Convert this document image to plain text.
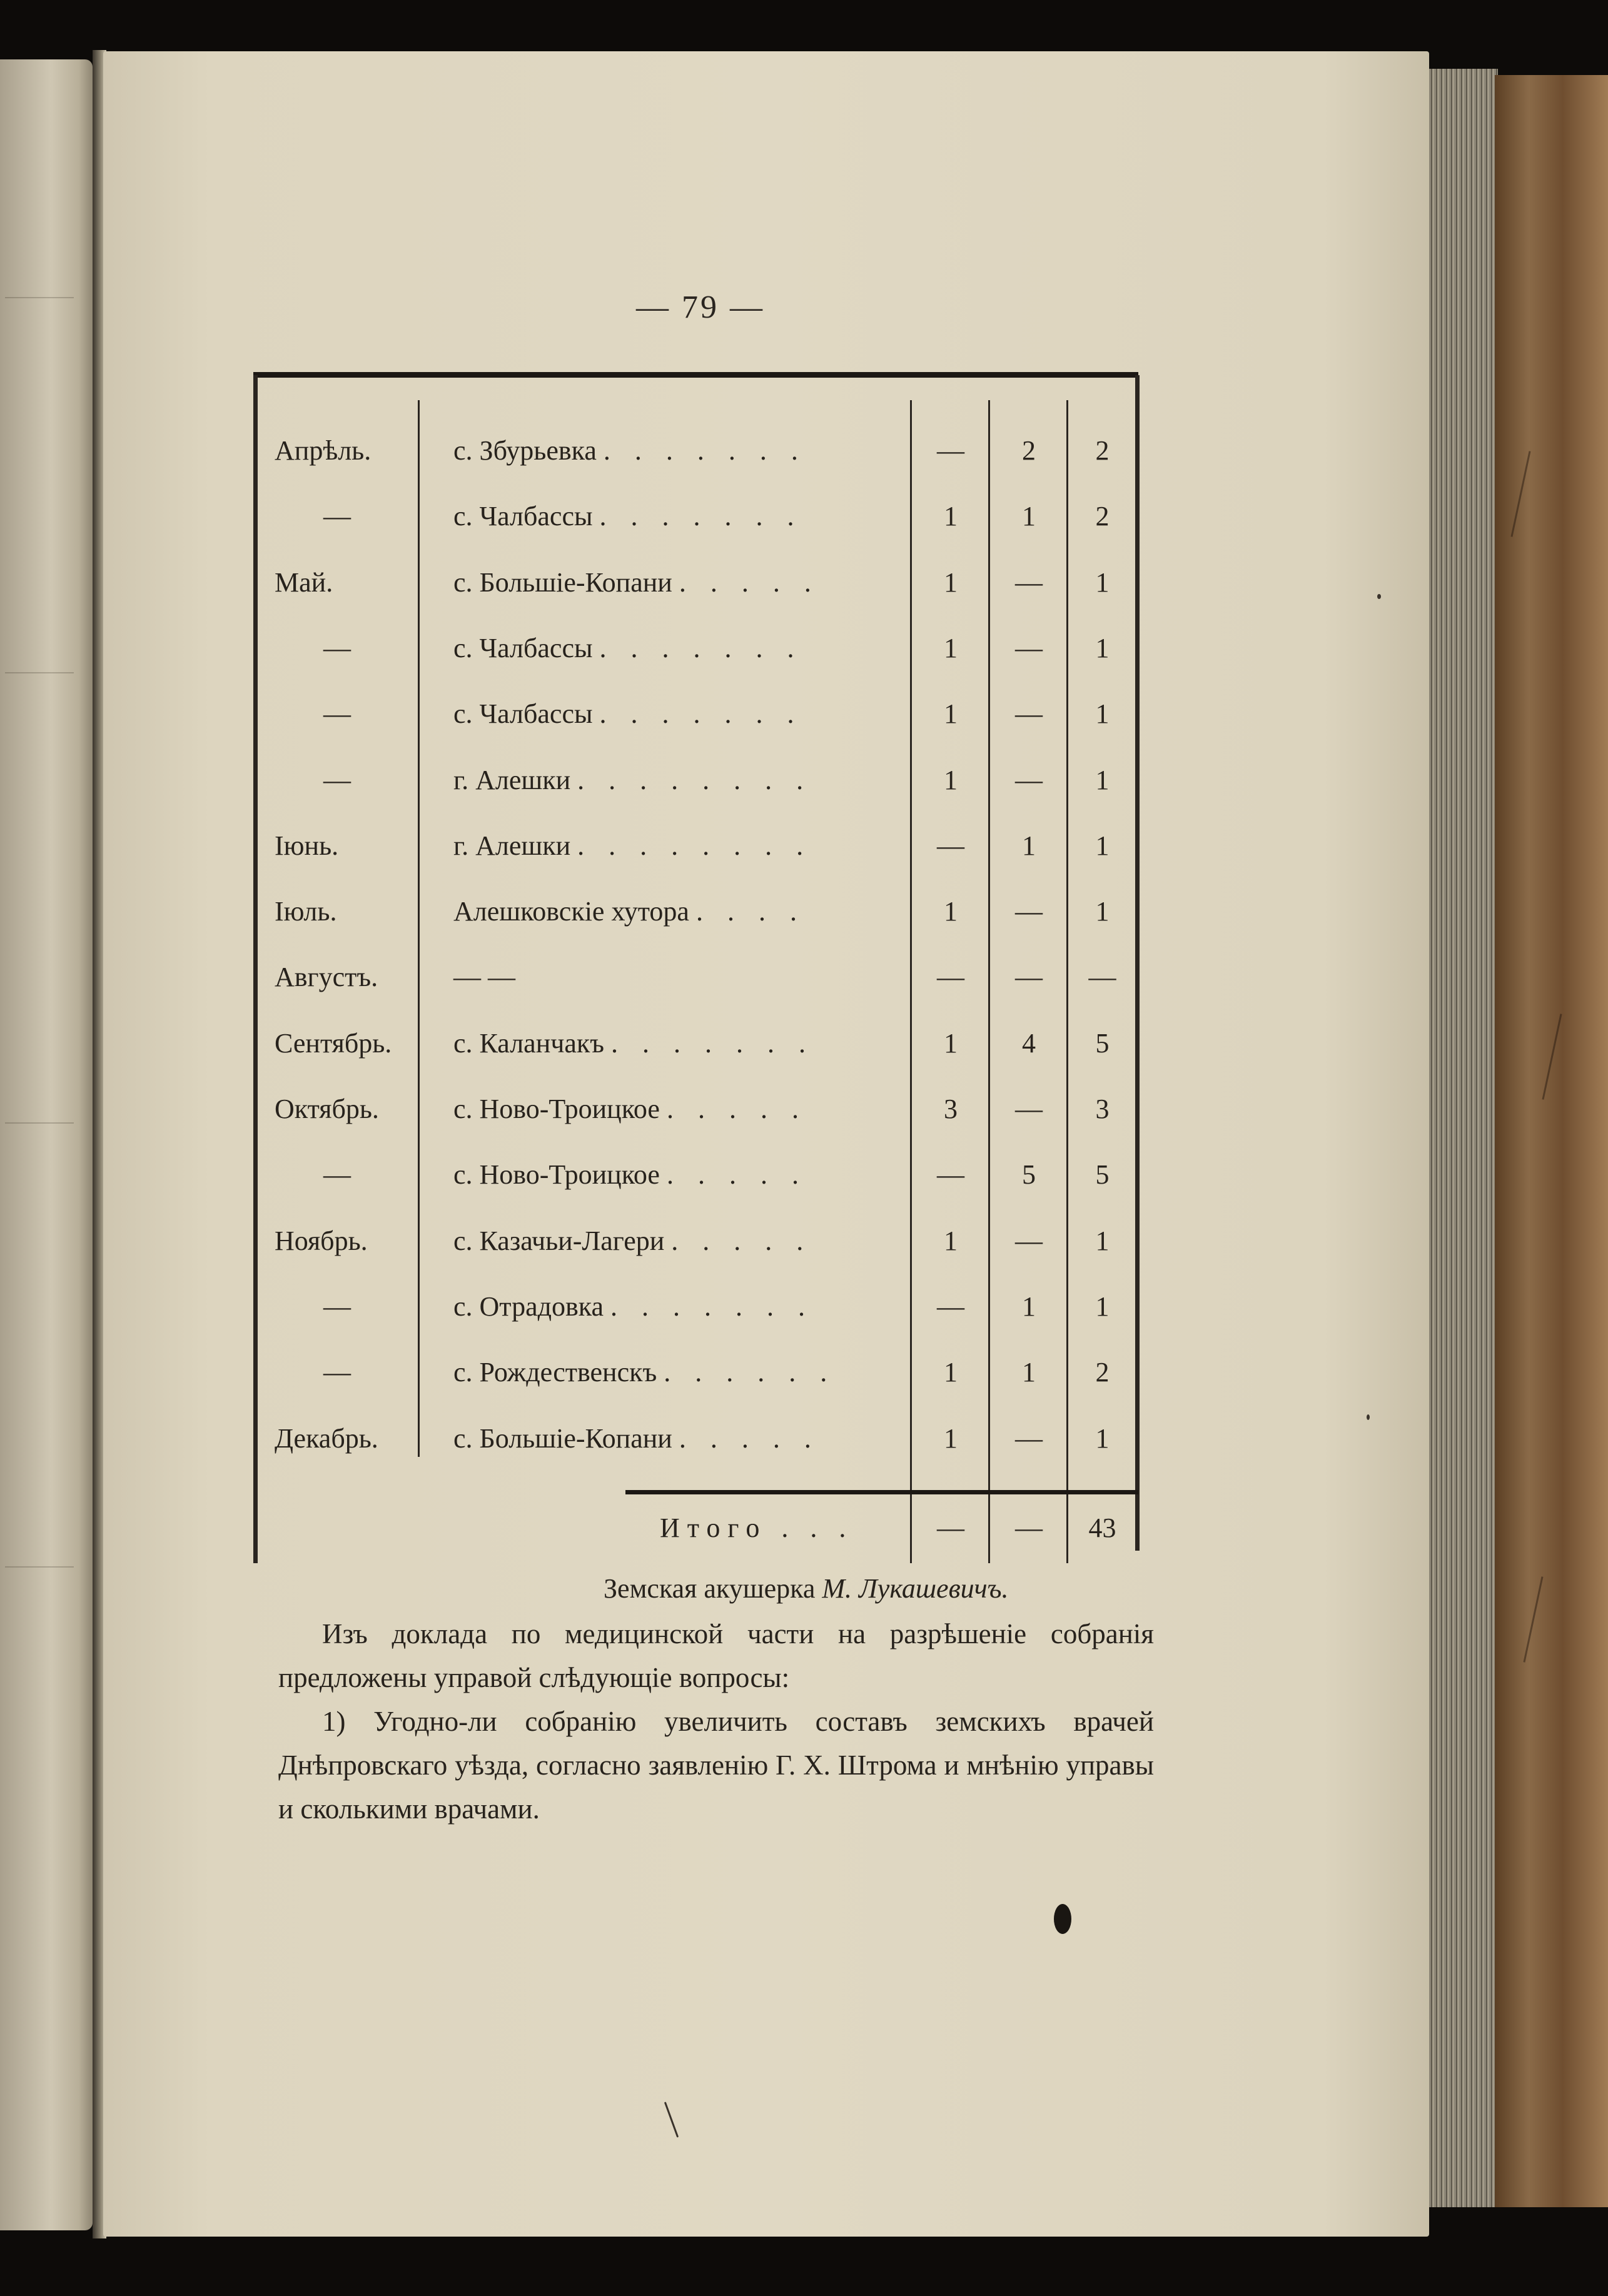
— 79 —
Апрѣль.	с. Збурьевка . . . . . . .	—	2	2
—	с. Чалбассы . . . . . . .	1	1	2
Май.	с. Большіе-Копани . . . . .	1	—	1
—	с. Чалбассы . . . . . . .	1	—	1
—	с. Чалбассы . . . . . . .	1	—	1
—	г. Алешки . . . . . . . .	1	—	1
Іюнь.	г. Алешки . . . . . . . .	—	1	1
Іюль.	Алешковскіе хутора . . . .	1	—	1
Августъ.	— —	—	—	—
Сентябрь.	с. Каланчакъ . . . . . . .	1	4	5
Октябрь.	с. Ново-Троицкое . . . . .	3	—	3
—	с. Ново-Троицкое . . . . .	—	5	5
Ноябрь.	с. Казачьи-Лагери . . . . .	1	—	1
—	с. Отрадовка . . . . . . .	—	1	1
—	с. Рождественскъ . . . . . .	1	1	2
Декабрь.	с. Большіе-Копани . . . . .	1	—	1
Итого . . .	—	—	43
Земская акушерка М. Лукашевичъ.
Изъ доклада по медицинской части на разрѣшеніе собранія предложены управой слѣдующіе вопросы:
1) Угодно-ли собранію увеличить составъ земскихъ врачей Днѣпровскаго уѣзда, согласно заявленію Г. Х. Штрома и мнѣнію управы и сколькими врачами.
